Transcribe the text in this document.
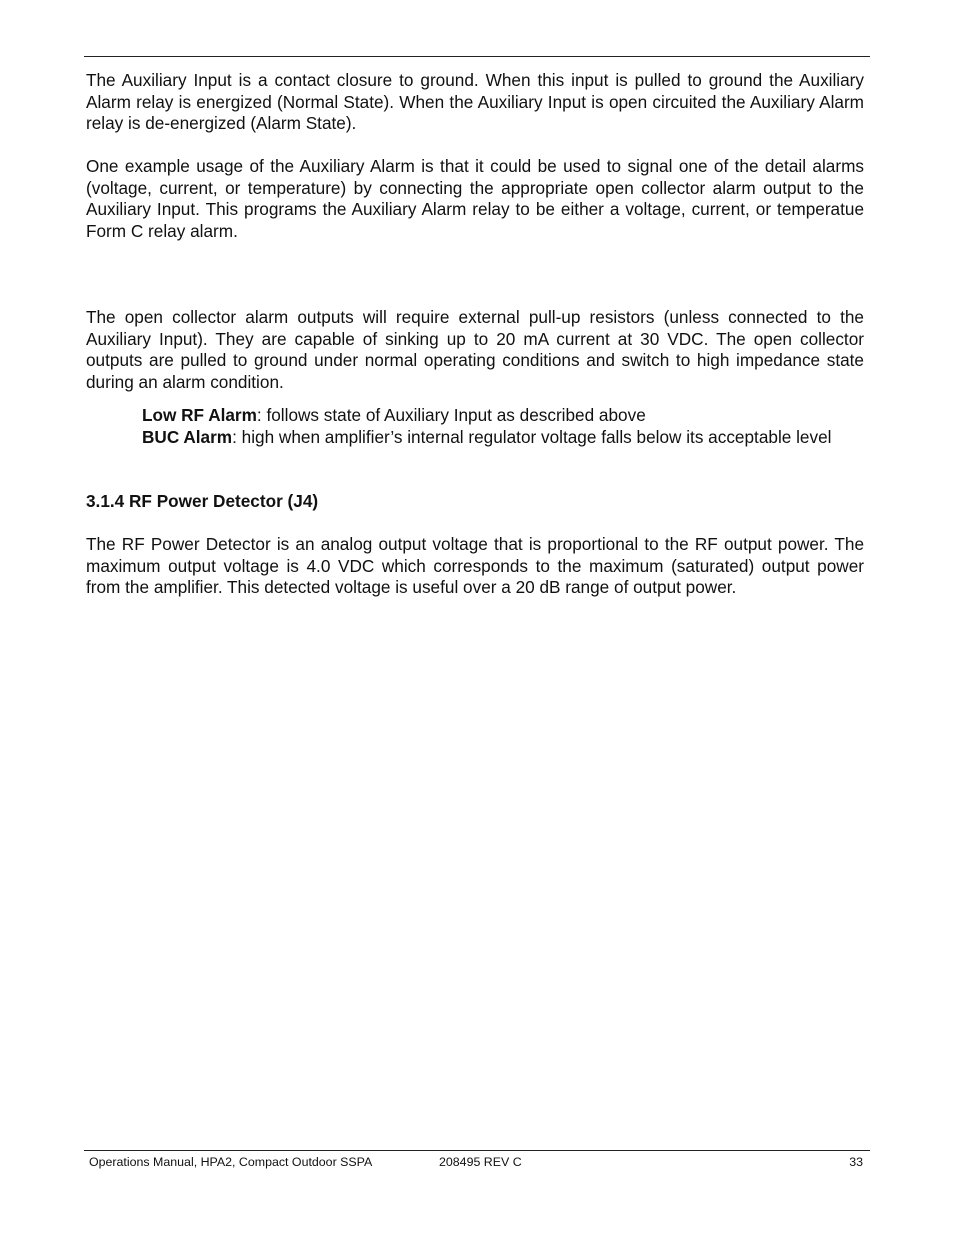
The Auxiliary Input is a contact closure to ground. When this input is pulled to ground the Auxiliary Alarm relay is energized (Normal State). When the Auxiliary Input is open circuited the Auxiliary Alarm relay is de-energized (Alarm State).

One example usage of the Auxiliary Alarm is that it could be used to signal one of the detail alarms (voltage, current, or temperature) by connecting the appropriate open collector alarm output to the Auxiliary Input. This programs the Auxiliary Alarm relay to be either a voltage, current, or temperatue Form C relay alarm.

The open collector alarm outputs will require external pull-up resistors (unless connected to the Auxiliary Input). They are capable of sinking up to 20 mA current at 30 VDC. The open collector outputs are pulled to ground under normal operating conditions and switch to high impedance state during an alarm condition.

Low RF Alarm: follows state of Auxiliary Input as described above

BUC Alarm: high when amplifier’s internal regulator voltage falls below its acceptable level

3.1.4 RF Power Detector (J4)

The RF Power Detector is an analog output voltage that is proportional to the RF output power. The maximum output voltage is 4.0 VDC which corresponds to the maximum (saturated) output power from the amplifier. This detected voltage is useful over a 20 dB range of output power.

Operations Manual, HPA2, Compact Outdoor SSPA	208495 REV C	33
